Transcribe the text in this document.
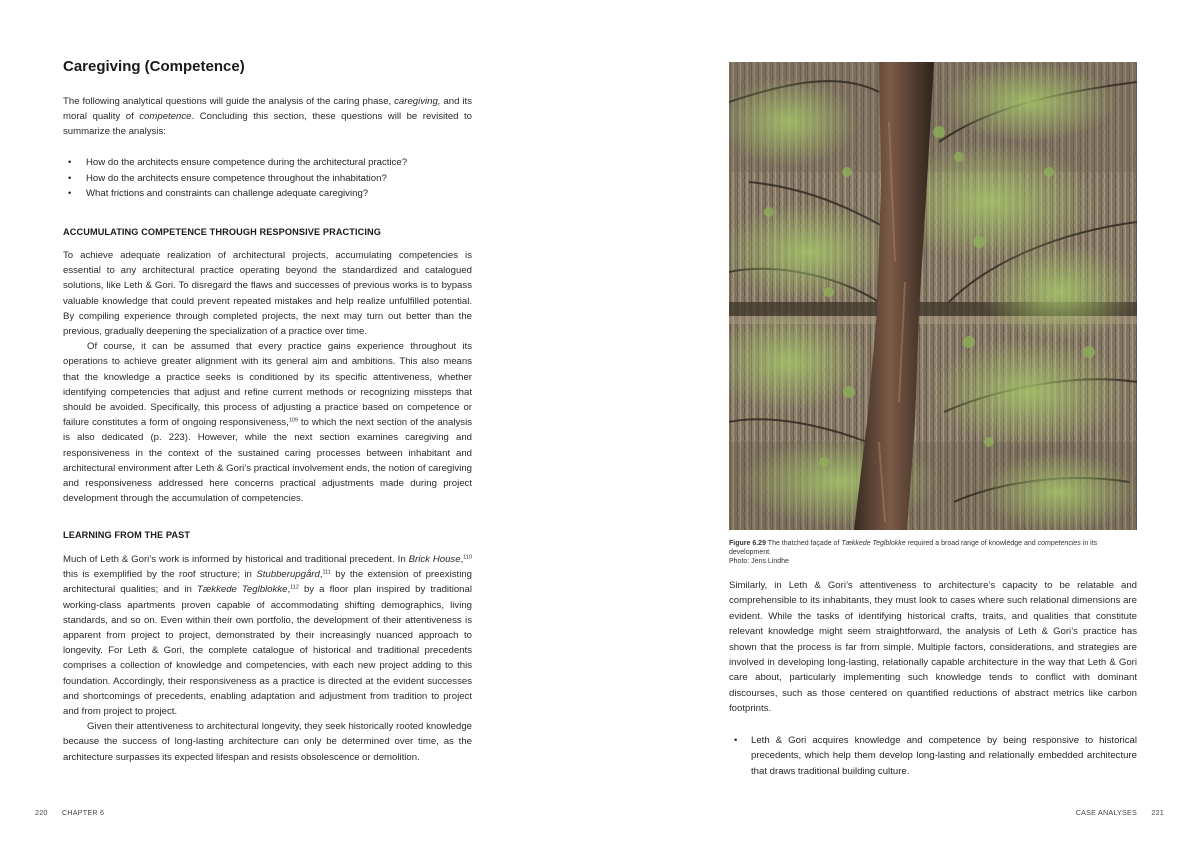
Caregiving (Competence)

The following analytical questions will guide the analysis of the caring phase, caregiving, and its moral quality of competence. Concluding this section, these questions will be revisited to summarize the analysis:

• How do the architects ensure competence during the architectural practice?
• How do the architects ensure competence throughout the inhabitation?
• What frictions and constraints can challenge adequate caregiving?
ACCUMULATING COMPETENCE THROUGH RESPONSIVE PRACTICING

To achieve adequate realization of architectural projects, accumulating competencies is essential to any architectural practice operating beyond the standardized and catalogued solutions, like Leth & Gori. To disregard the flaws and successes of previous works is to bypass valuable knowledge that could prevent repeated mistakes and help realize unfulfilled potential. By compiling experience through completed projects, the next may turn out better than the previous, gradually deepening the specialization of a practice over time.

Of course, it can be assumed that every practice gains experience throughout its operations to achieve greater alignment with its general aim and ambitions. This also means that the knowledge a practice seeks is conditioned by its specific attentiveness, whether identifying competencies that adjust and refine current methods or recognizing missteps that should be avoided. Specifically, this process of adjusting a practice based on competence or failure constitutes a form of ongoing responsiveness,$^{109}$ to which the next section of the analysis is also dedicated (p. 223). However, while the next section examines caregiving and responsiveness in the context of the sustained caring processes between inhabitant and architectural environment after Leth & Gori’s practical involvement ends, the notion of caregiving and responsiveness addressed here concerns practical adjustments made during project development through the accumulation of competencies.

LEARNING FROM THE PAST

Much of Leth & Gori’s work is informed by historical and traditional precedent. In Brick House,$^{110}$ this is exemplified by the roof structure; in Stubberupgård,$^{111}$ by the extension of preexisting architectural qualities; and in Tækkede Teglblokke,$^{112}$ by a floor plan inspired by traditional working-class apartments proven capable of accommodating shifting demographics, living standards, and so on. Even within their own portfolio, the development of their attentiveness is apparent from project to project, demonstrated by their increasingly nuanced approach to longevity. For Leth & Gori, the complete catalogue of historical and traditional precedents comprises a collection of knowledge and competencies, with each new project adding to this foundation. Accordingly, their responsiveness as a practice is directed at the evident successes and shortcomings of precedents, enabling adaptation and adjustment from tradition to project and from project to project.

Given their attentiveness to architectural longevity, they seek historically rooted knowledge because the success of long-lasting architecture can only be determined over time, as the architecture surpasses its expected lifespan and resists obsolescence or demolition.

220 CHAPTER 6
Figure 6.29 The thatched façade of Tækkede Teglblokke required a broad range of knowledge and competencies in its development.
Photo: Jens Lindhe

Similarly, in Leth & Gori’s attentiveness to architecture’s capacity to be relatable and comprehensible to its inhabitants, they must look to cases where such relational dimensions are evident. While the tasks of identifying historical crafts, traits, and qualities that constitute relevant knowledge might seem straightforward, the analysis of Leth & Gori’s practice has shown that the process is far from simple. Multiple factors, considerations, and strategies are involved in developing long-lasting, relationally capable architecture in the way that Leth & Gori care about, particularly implementing such knowledge tends to conflict with dominant discourses, such as those centered on quantified reductions of abstract metrics like carbon footprints.

• Leth & Gori acquires knowledge and competence by being responsive to historical precedents, which help them develop long-lasting and relationally embedded architecture that draws traditional building culture.
CASE ANALYSES 221
